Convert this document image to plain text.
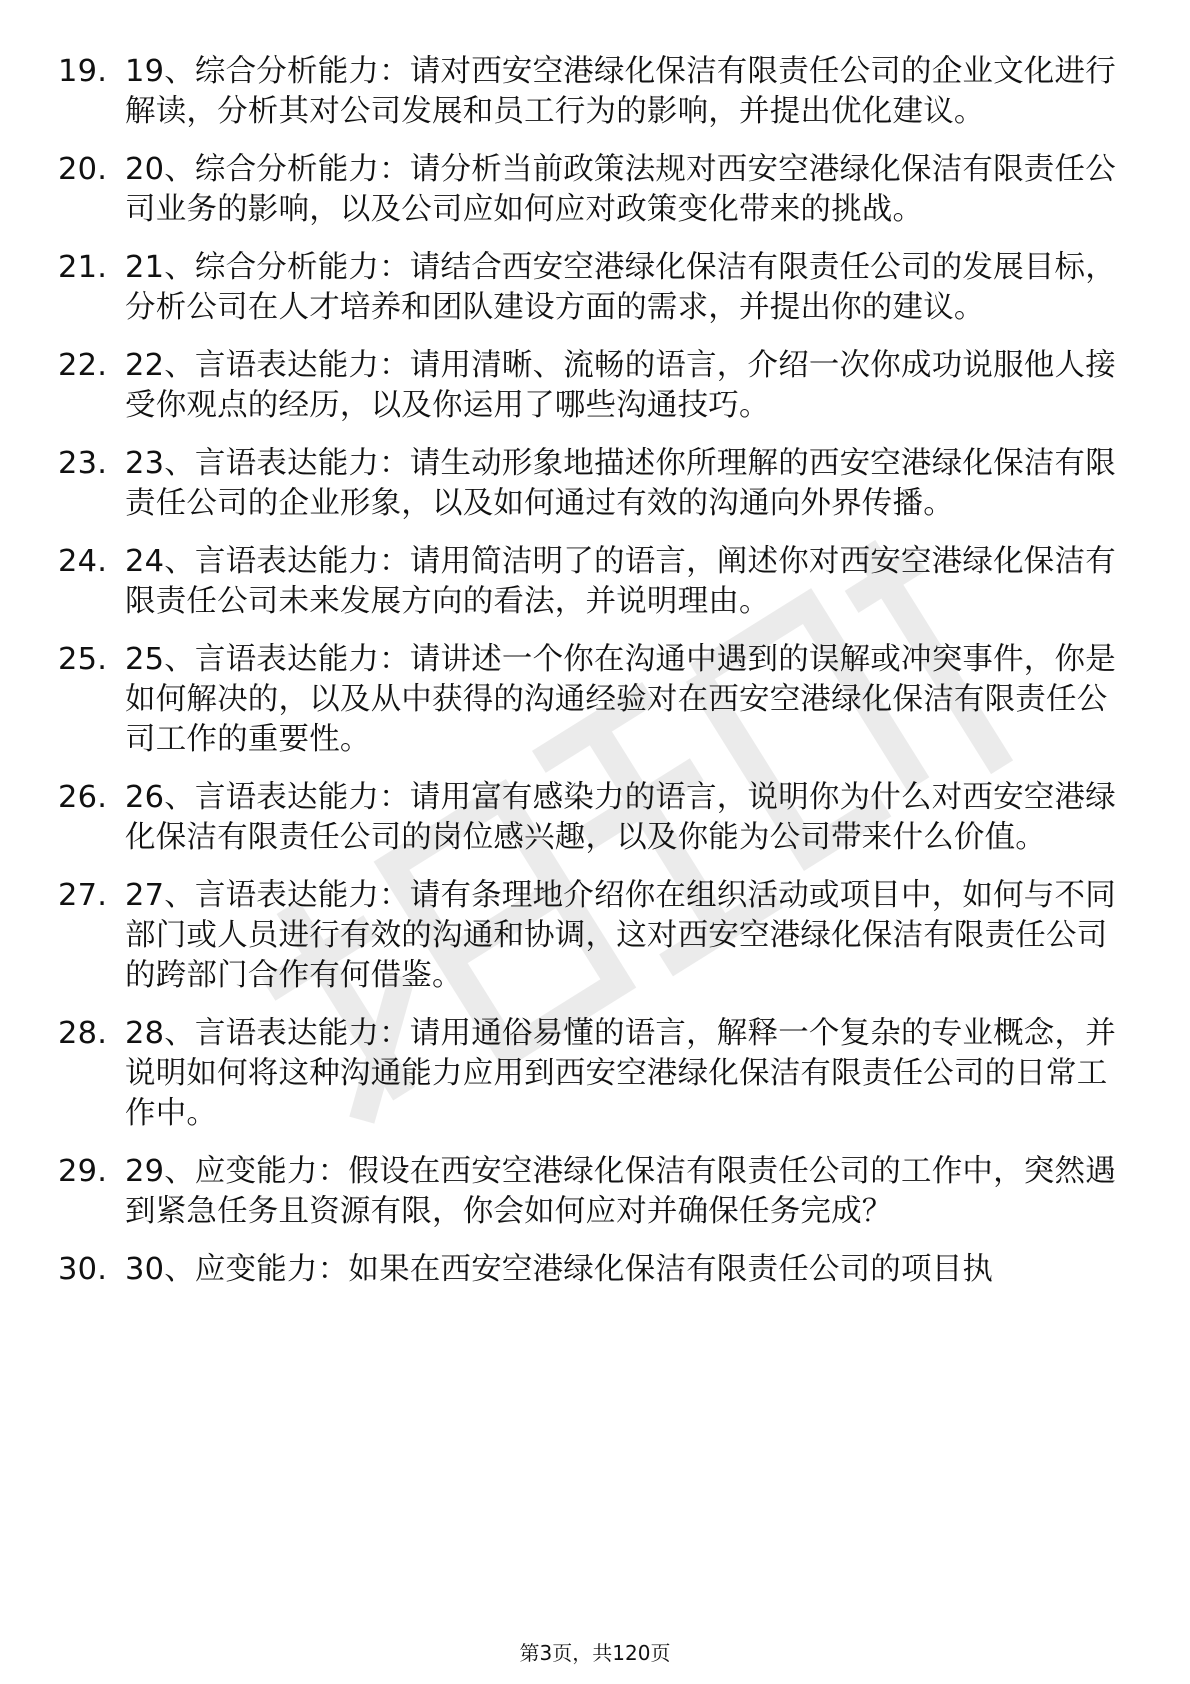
19. 19、综合分析能力：请对西安空港绿化保洁有限责任公司的企业文化进行解读，分析其对公司发展和员工行为的影响，并提出优化建议。
20. 20、综合分析能力：请分析当前政策法规对西安空港绿化保洁有限责任公司业务的影响，以及公司应如何应对政策变化带来的挑战。
21. 21、综合分析能力：请结合西安空港绿化保洁有限责任公司的发展目标，分析公司在人才培养和团队建设方面的需求，并提出你的建议。
22. 22、言语表达能力：请用清晰、流畅的语言，介绍一次你成功说服他人接受你观点的经历，以及你运用了哪些沟通技巧。
23. 23、言语表达能力：请生动形象地描述你所理解的西安空港绿化保洁有限责任公司的企业形象，以及如何通过有效的沟通向外界传播。
24. 24、言语表达能力：请用简洁明了的语言，阐述你对西安空港绿化保洁有限责任公司未来发展方向的看法，并说明理由。
25. 25、言语表达能力：请讲述一个你在沟通中遇到的误解或冲突事件，你是如何解决的，以及从中获得的沟通经验对在西安空港绿化保洁有限责任公司工作的重要性。
26. 26、言语表达能力：请用富有感染力的语言，说明你为什么对西安空港绿化保洁有限责任公司的岗位感兴趣，以及你能为公司带来什么价值。
27. 27、言语表达能力：请有条理地介绍你在组织活动或项目中，如何与不同部门或人员进行有效的沟通和协调，这对西安空港绿化保洁有限责任公司的跨部门合作有何借鉴。
28. 28、言语表达能力：请用通俗易懂的语言，解释一个复杂的专业概念，并说明如何将这种沟通能力应用到西安空港绿化保洁有限责任公司的日常工作中。
29. 29、应变能力：假设在西安空港绿化保洁有限责任公司的工作中，突然遇到紧急任务且资源有限，你会如何应对并确保任务完成？
30. 30、应变能力：如果在西安空港绿化保洁有限责任公司的项目执
第3页，共120页
